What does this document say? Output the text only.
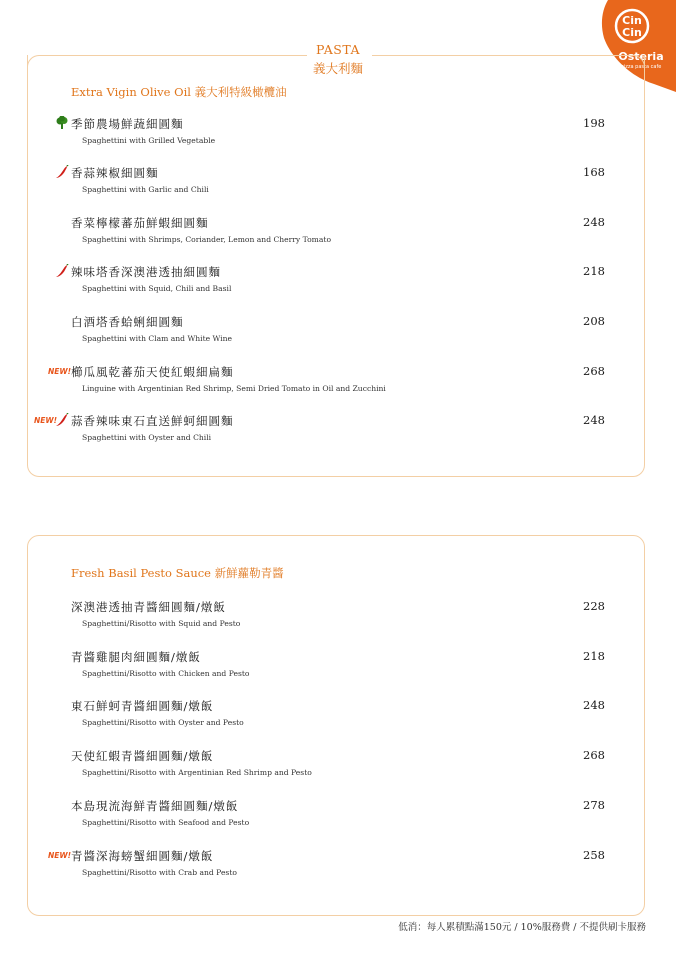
Cin
Cin
Osteria
pizza pasta cafe
PASTA
義大利麵
Extra Vigin Olive Oil 義大利特級橄欖油
季節農場鮮蔬細圓麵
Spaghettini with Grilled Vegetable
198
香蒜辣椒細圓麵
Spaghettini with Garlic and Chili
168
香菜檸檬蕃茄鮮蝦細圓麵
Spaghettini with Shrimps, Coriander, Lemon and Cherry Tomato
248
辣味塔香深澳港透抽細圓麵
Spaghettini with Squid, Chili and Basil
218
白酒塔香蛤蜊細圓麵
Spaghettini with Clam and White Wine
208
NEW! 櫛瓜風乾蕃茄天使紅蝦細扁麵
Linguine with Argentinian Red Shrimp, Semi Dried Tomato in Oil and Zucchini
268
NEW! 蒜香辣味東石直送鮮蚵細圓麵
Spaghettini with Oyster and Chili
248
Fresh Basil Pesto Sauce 新鮮蘿勒青醬
深澳港透抽青醬細圓麵/燉飯
Spaghettini/Risotto with Squid and Pesto
228
青醬雞腿肉細圓麵/燉飯
Spaghettini/Risotto with Chicken and Pesto
218
東石鮮蚵青醬細圓麵/燉飯
Spaghettini/Risotto with Oyster and Pesto
248
天使紅蝦青醬細圓麵/燉飯
Spaghettini/Risotto with Argentinian Red Shrimp and Pesto
268
本島現流海鮮青醬細圓麵/燉飯
Spaghettini/Risotto with Seafood and Pesto
278
NEW! 青醬深海螃蟹細圓麵/燉飯
Spaghettini/Risotto with Crab and Pesto
258
低消：每人累積點滿150元 / 10%服務費 / 不提供刷卡服務
